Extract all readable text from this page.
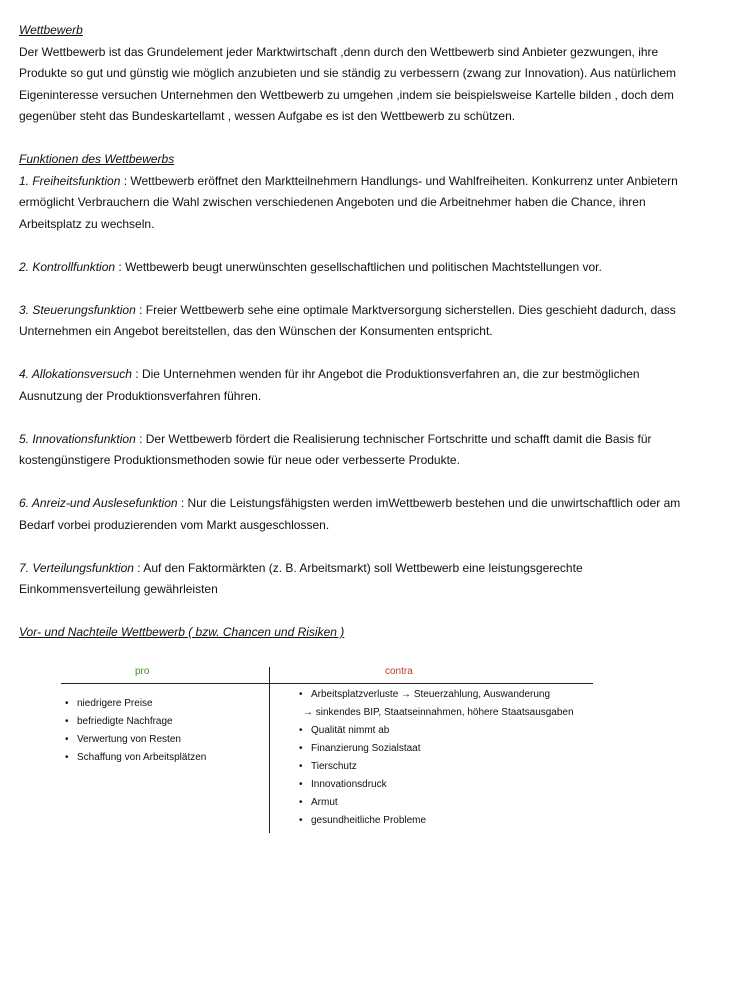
Wettbewerb

Der Wettbewerb ist das Grundelement jeder Marktwirtschaft ,denn durch den Wettbewerb sind Anbieter gezwungen, ihre

Produkte so gut und günstig wie möglich anzubieten und sie ständig zu verbessern (zwang zur Innovation). Aus natürlichem

Eigeninteresse versuchen Unternehmen den Wettbewerb zu umgehen ,indem sie beispielsweise Kartelle bilden , doch dem

gegenüber steht das Bundeskartellamt , wessen Aufgabe es ist den Wettbewerb zu schützen.

Funktionen des Wettbewerbs

1. Freiheitsfunktion : Wettbewerb eröffnet den Marktteilnehmern Handlungs- und Wahlfreiheiten. Konkurrenz unter Anbietern

ermöglicht Verbrauchern die Wahl zwischen verschiedenen Angeboten und die Arbeitnehmer haben die Chance, ihren

Arbeitsplatz zu wechseln.

2. Kontrollfunktion : Wettbewerb beugt unerwünschten gesellschaftlichen und politischen Machtstellungen vor.

3. Steuerungsfunktion : Freier Wettbewerb sehe eine optimale Marktversorgung sicherstellen. Dies geschieht dadurch, dass

Unternehmen ein Angebot bereitstellen, das den Wünschen der Konsumenten entspricht.

4. Allokationsversuch : Die Unternehmen wenden für ihr Angebot die Produktionsverfahren an, die zur bestmöglichen

Ausnutzung der Produktionsverfahren führen.

5. Innovationsfunktion : Der Wettbewerb fördert die Realisierung technischer Fortschritte und schafft damit die Basis für

kostengünstigere Produktionsmethoden sowie für neue oder verbesserte Produkte.

6. Anreiz-und Auslesefunktion : Nur die Leistungsfähigsten werden imWettbewerb bestehen und die unwirtschaftlich oder am

Bedarf vorbei produzierenden vom Markt ausgeschlossen.

7. Verteilungsfunktion : Auf den Faktormärkten (z. B. Arbeitsmarkt) soll Wettbewerb eine leistungsgerechte

Einkommensverteilung gewährleisten

Vor- und Nachteile Wettbewerb ( bzw. Chancen und Risiken )
pro	contra
• niedrigere Preise
• befriedigte Nachfrage
• Verwertung von Resten
• Schaffung von Arbeitsplätzen
• Arbeitsplatzverluste → Steuerzahlung, Auswanderung
→ sinkendes BIP, Staatseinnahmen, höhere Staatsausgaben
• Qualität nimmt ab
• Finanzierung Sozialstaat
• Tierschutz
• Innovationsdruck
• Armut
• gesundheitliche Probleme
